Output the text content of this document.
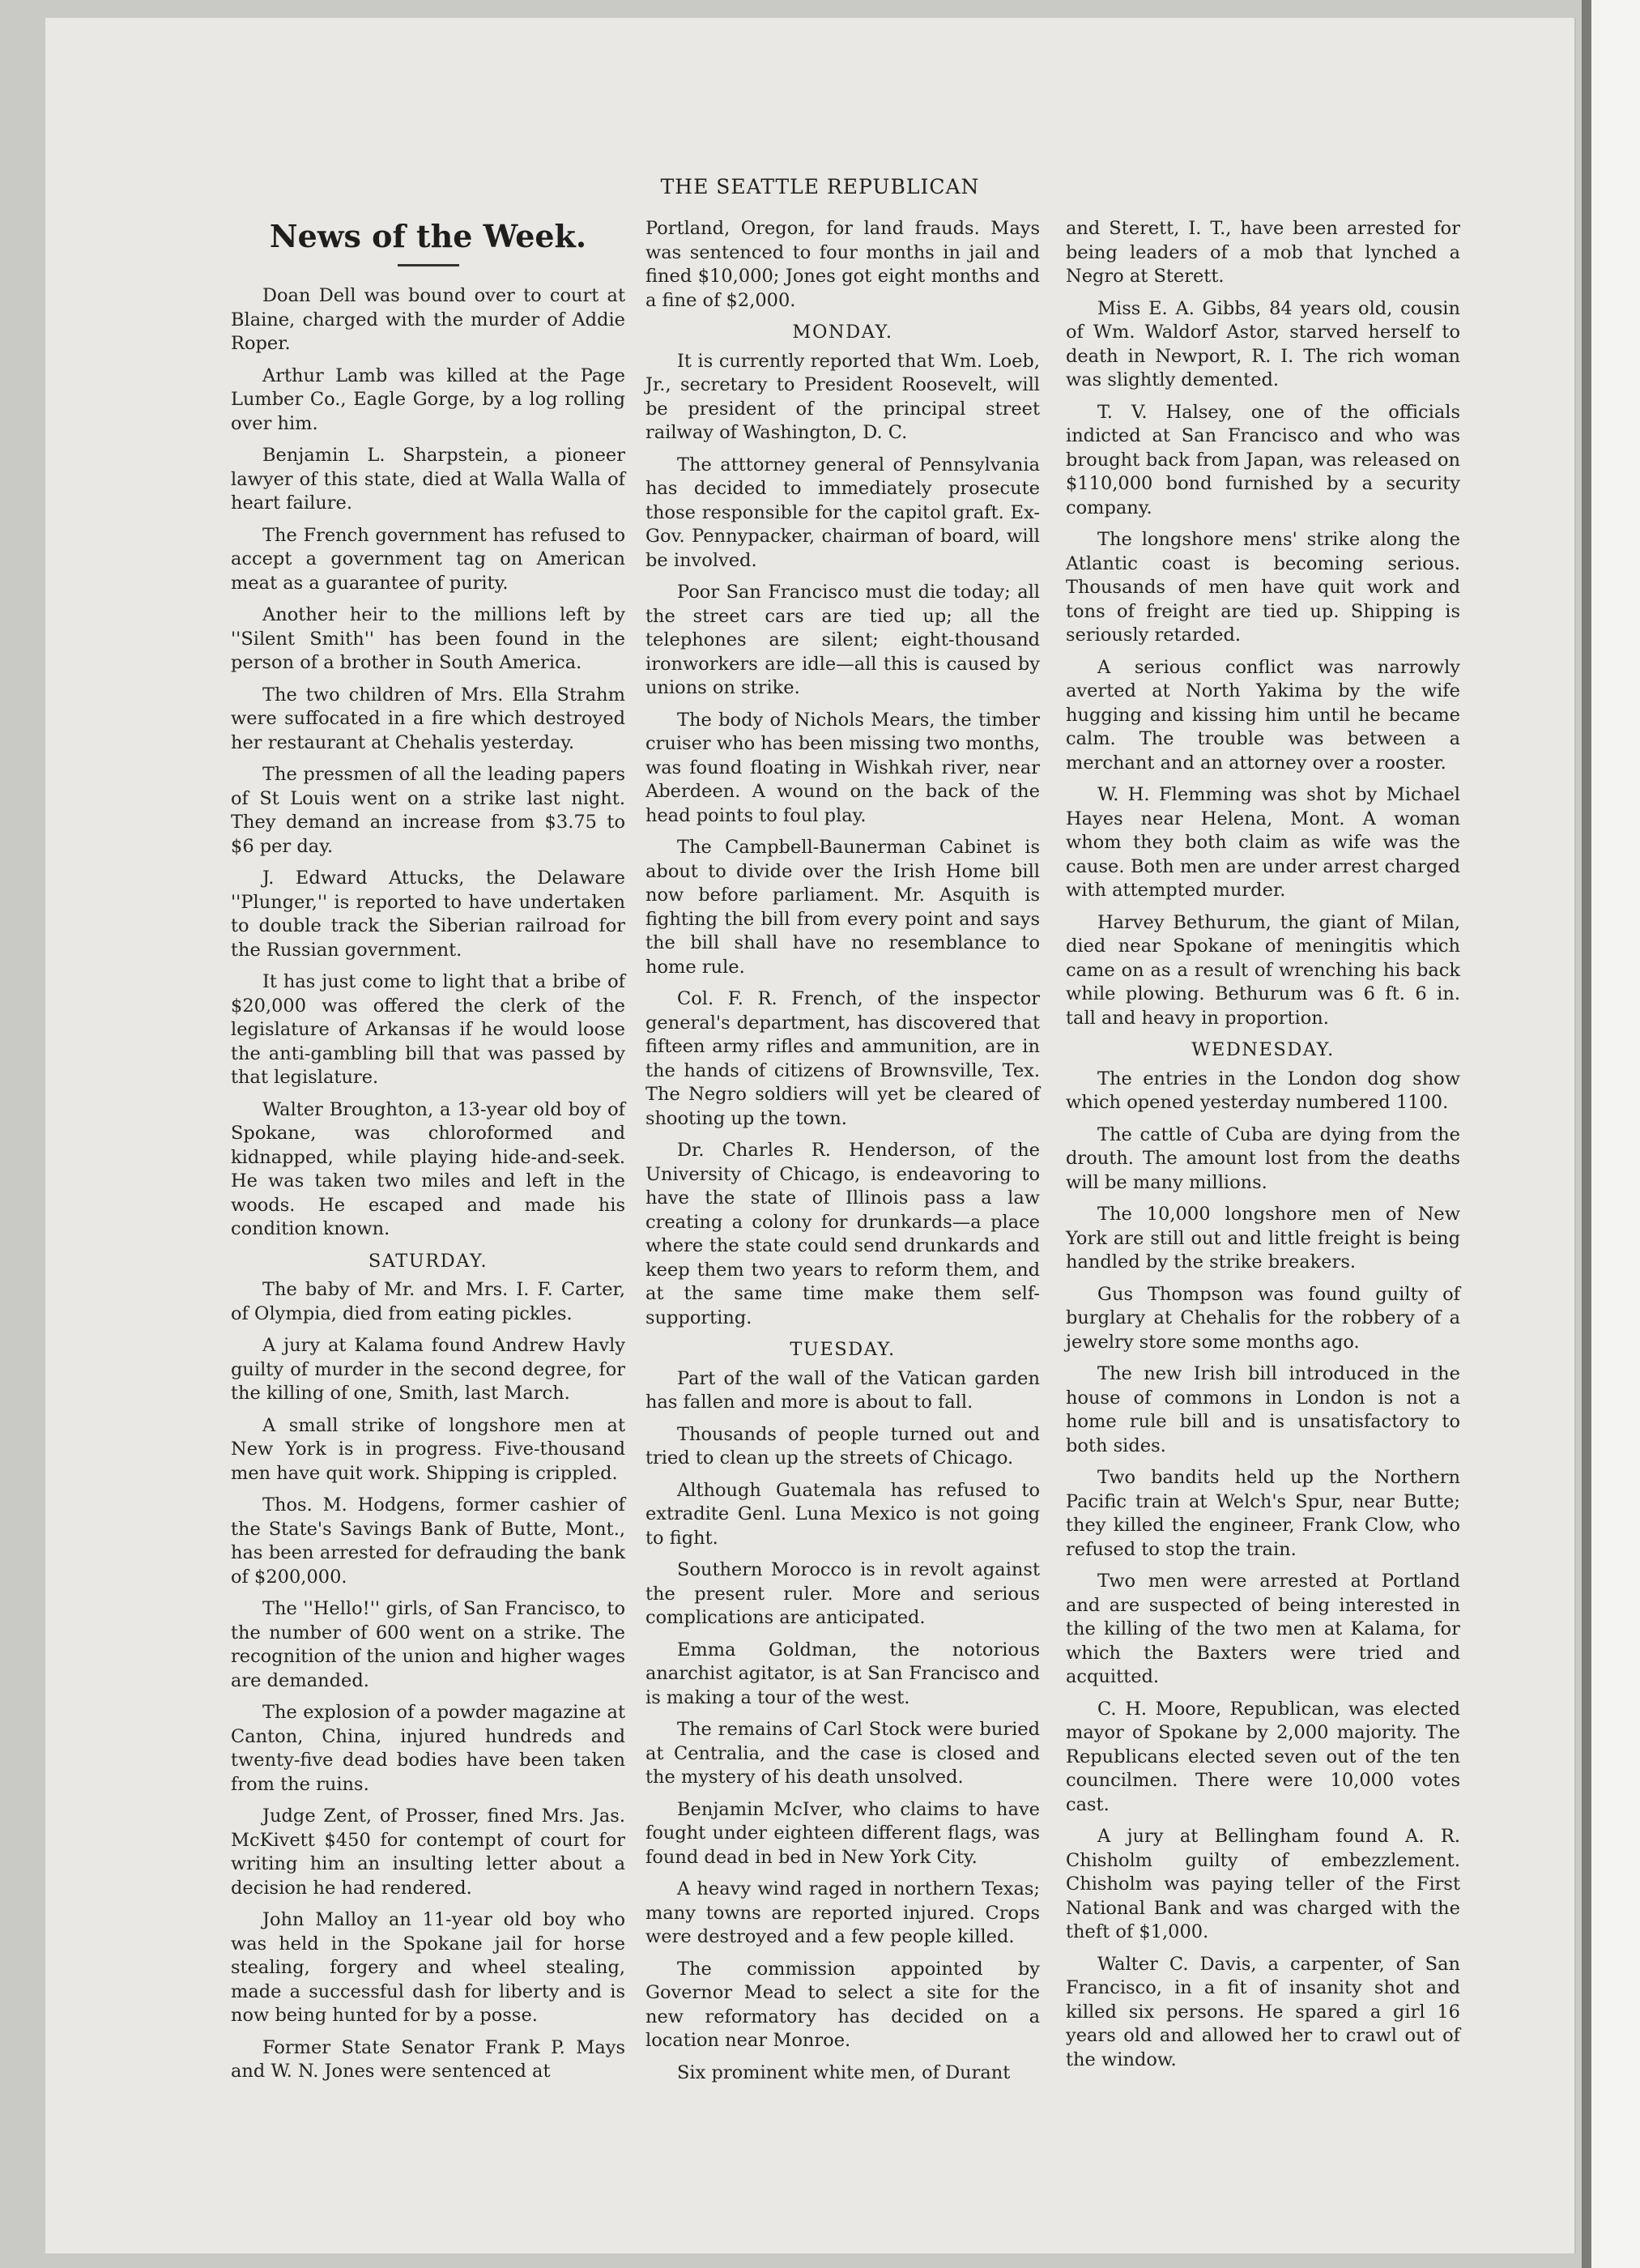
THE SEATTLE REPUBLICAN
News of the Week.

Doan Dell was bound over to court at Blaine, charged with the murder of Addie Roper.

Arthur Lamb was killed at the Page Lumber Co., Eagle Gorge, by a log rolling over him.

Benjamin L. Sharpstein, a pioneer lawyer of this state, died at Walla Walla of heart failure.

The French government has refused to accept a government tag on American meat as a guarantee of purity.

Another heir to the millions left by ''Silent Smith'' has been found in the person of a brother in South America.

The two children of Mrs. Ella Strahm were suffocated in a fire which destroyed her restaurant at Chehalis yesterday.

The pressmen of all the leading papers of St Louis went on a strike last night. They demand an increase from $3.75 to $6 per day.

J. Edward Attucks, the Delaware ''Plunger,'' is reported to have undertaken to double track the Siberian railroad for the Russian government.

It has just come to light that a bribe of $20,000 was offered the clerk of the legislature of Arkansas if he would loose the anti-gambling bill that was passed by that legislature.

Walter Broughton, a 13-year old boy of Spokane, was chloroformed and kidnapped, while playing hide-and-seek. He was taken two miles and left in the woods. He escaped and made his condition known.

SATURDAY.

The baby of Mr. and Mrs. I. F. Carter, of Olympia, died from eating pickles.

A jury at Kalama found Andrew Havly guilty of murder in the second degree, for the killing of one, Smith, last March.

A small strike of longshore men at New York is in progress. Five-thousand men have quit work. Shipping is crippled.

Thos. M. Hodgens, former cashier of the State's Savings Bank of Butte, Mont., has been arrested for defrauding the bank of $200,000.

The ''Hello!'' girls, of San Francisco, to the number of 600 went on a strike. The recognition of the union and higher wages are demanded.

The explosion of a powder magazine at Canton, China, injured hundreds and twenty-five dead bodies have been taken from the ruins.

Judge Zent, of Prosser, fined Mrs. Jas. McKivett $450 for contempt of court for writing him an insulting letter about a decision he had rendered.

John Malloy an 11-year old boy who was held in the Spokane jail for horse stealing, forgery and wheel stealing, made a successful dash for liberty and is now being hunted for by a posse.

Former State Senator Frank P. Mays and W. N. Jones were sentenced at

Portland, Oregon, for land frauds. Mays was sentenced to four months in jail and fined $10,000; Jones got eight months and a fine of $2,000.

MONDAY.

It is currently reported that Wm. Loeb, Jr., secretary to President Roosevelt, will be president of the principal street railway of Washington, D. C.

The atttorney general of Pennsylvania has decided to immediately prosecute those responsible for the capitol graft. Ex-Gov. Pennypacker, chairman of board, will be involved.

Poor San Francisco must die today; all the street cars are tied up; all the telephones are silent; eight-thousand ironworkers are idle—all this is caused by unions on strike.

The body of Nichols Mears, the timber cruiser who has been missing two months, was found floating in Wishkah river, near Aberdeen. A wound on the back of the head points to foul play.

The Campbell-Baunerman Cabinet is about to divide over the Irish Home bill now before parliament. Mr. Asquith is fighting the bill from every point and says the bill shall have no resemblance to home rule.

Col. F. R. French, of the inspector general's department, has discovered that fifteen army rifles and ammunition, are in the hands of citizens of Brownsville, Tex. The Negro soldiers will yet be cleared of shooting up the town.

Dr. Charles R. Henderson, of the University of Chicago, is endeavoring to have the state of Illinois pass a law creating a colony for drunkards—a place where the state could send drunkards and keep them two years to reform them, and at the same time make them self-supporting.

TUESDAY.

Part of the wall of the Vatican garden has fallen and more is about to fall.

Thousands of people turned out and tried to clean up the streets of Chicago.

Although Guatemala has refused to extradite Genl. Luna Mexico is not going to fight.

Southern Morocco is in revolt against the present ruler. More and serious complications are anticipated.

Emma Goldman, the notorious anarchist agitator, is at San Francisco and is making a tour of the west.

The remains of Carl Stock were buried at Centralia, and the case is closed and the mystery of his death unsolved.

Benjamin McIver, who claims to have fought under eighteen different flags, was found dead in bed in New York City.

A heavy wind raged in northern Texas; many towns are reported injured. Crops were destroyed and a few people killed.

The commission appointed by Governor Mead to select a site for the new reformatory has decided on a location near Monroe.

Six prominent white men, of Durant

and Sterett, I. T., have been arrested for being leaders of a mob that lynched a Negro at Sterett.

Miss E. A. Gibbs, 84 years old, cousin of Wm. Waldorf Astor, starved herself to death in Newport, R. I. The rich woman was slightly demented.

T. V. Halsey, one of the officials indicted at San Francisco and who was brought back from Japan, was released on $110,000 bond furnished by a security company.

The longshore mens' strike along the Atlantic coast is becoming serious. Thousands of men have quit work and tons of freight are tied up. Shipping is seriously retarded.

A serious conflict was narrowly averted at North Yakima by the wife hugging and kissing him until he became calm. The trouble was between a merchant and an attorney over a rooster.

W. H. Flemming was shot by Michael Hayes near Helena, Mont. A woman whom they both claim as wife was the cause. Both men are under arrest charged with attempted murder.

Harvey Bethurum, the giant of Milan, died near Spokane of meningitis which came on as a result of wrenching his back while plowing. Bethurum was 6 ft. 6 in. tall and heavy in proportion.

WEDNESDAY.

The entries in the London dog show which opened yesterday numbered 1100.

The cattle of Cuba are dying from the drouth. The amount lost from the deaths will be many millions.

The 10,000 longshore men of New York are still out and little freight is being handled by the strike breakers.

Gus Thompson was found guilty of burglary at Chehalis for the robbery of a jewelry store some months ago.

The new Irish bill introduced in the house of commons in London is not a home rule bill and is unsatisfactory to both sides.

Two bandits held up the Northern Pacific train at Welch's Spur, near Butte; they killed the engineer, Frank Clow, who refused to stop the train.

Two men were arrested at Portland and are suspected of being interested in the killing of the two men at Kalama, for which the Baxters were tried and acquitted.

C. H. Moore, Republican, was elected mayor of Spokane by 2,000 majority. The Republicans elected seven out of the ten councilmen. There were 10,000 votes cast.

A jury at Bellingham found A. R. Chisholm guilty of embezzlement. Chisholm was paying teller of the First National Bank and was charged with the theft of $1,000.

Walter C. Davis, a carpenter, of San Francisco, in a fit of insanity shot and killed six persons. He spared a girl 16 years old and allowed her to crawl out of the window.
